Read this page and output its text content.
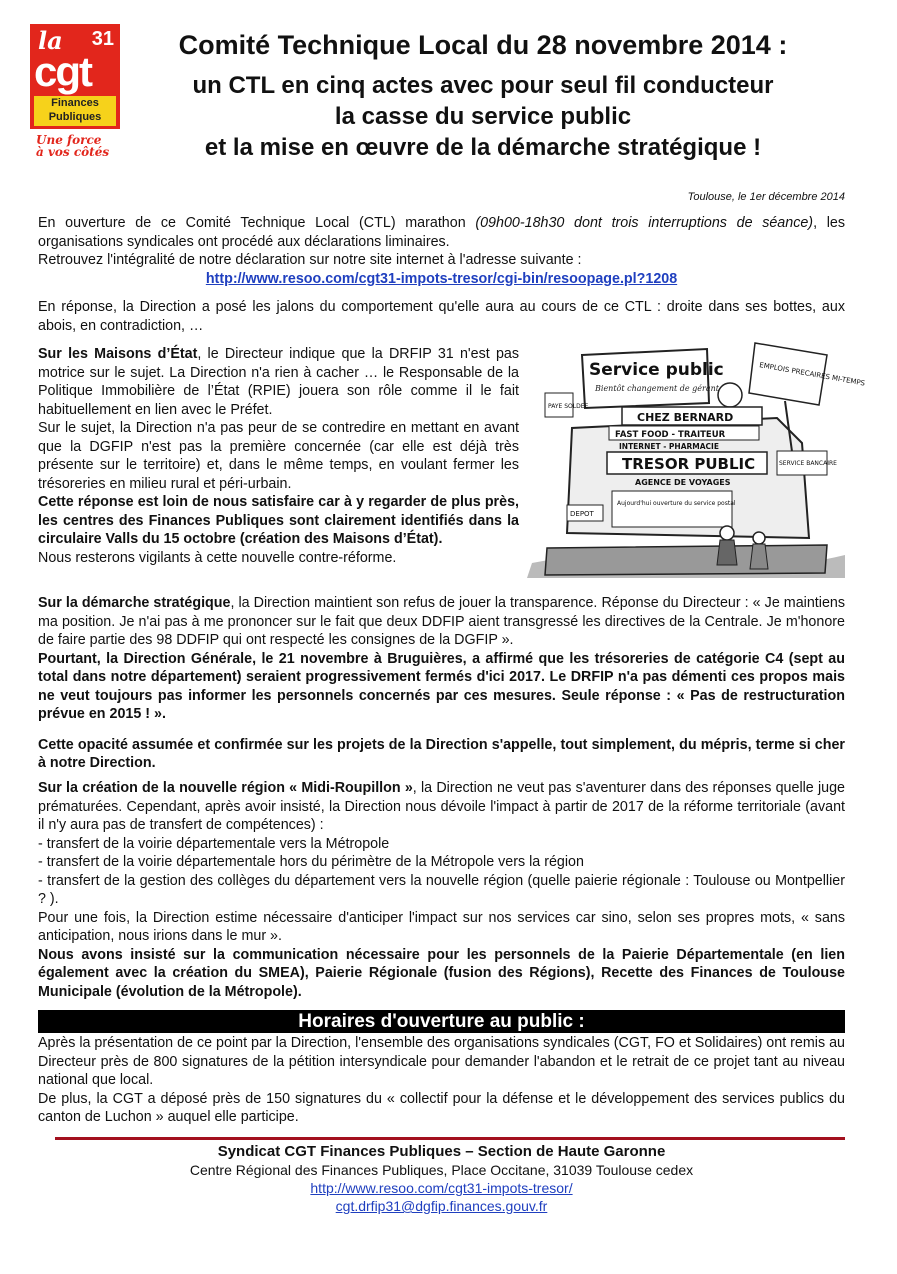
la 31
cgt
Finances
Publiques
Une force
à vos côtés
Comité Technique Local du 28 novembre 2014 :
un CTL en cinq actes avec pour seul fil conducteur
la casse du service public
et la mise en œuvre de la démarche stratégique !
Toulouse, le 1er décembre 2014

En ouverture de ce Comité Technique Local (CTL) marathon (09h00-18h30 dont trois interruptions de séance), les organisations syndicales ont procédé aux déclarations liminaires.

Retrouvez l'intégralité de notre déclaration sur notre site internet à l'adresse suivante :

http://www.resoo.com/cgt31-impots-tresor/cgi-bin/resoopage.pl?1208

En réponse, la Direction a posé les jalons du comportement qu'elle aura au cours de ce CTL : droite dans ses bottes, aux abois, en contradiction, …

Sur les Maisons d’État, le Directeur indique que la DRFIP 31 n'est pas motrice sur le sujet. La Direction n'a rien à cacher … le Responsable de la Politique Immobilière de l’État (RPIE) jouera son rôle comme il le fait habituellement en lien avec le Préfet.

Sur le sujet, la Direction n'a pas peur de se contredire en mettant en avant que la DGFIP n'est pas la première concernée (car elle est déjà très présente sur le territoire) et, dans le même temps, en voulant fermer les trésoreries en milieu rural et péri-urbain.

Cette réponse est loin de nous satisfaire car à y regarder de plus près, les centres des Finances Publiques sont clairement identifiés dans la circulaire Valls du 15 octobre (création des Maisons d’État).

Nous resterons vigilants à cette nouvelle contre-réforme.

Service public
Bientôt changement de gérant
EMPLOIS PRECAIRES MI-TEMPS
CHEZ BERNARD
FAST FOOD - TRAITEUR
INTERNET - PHARMACIE
TRESOR PUBLIC
AGENCE DE VOYAGES
Aujourd'hui ouverture du service postal
PAYE SOLDEE
DEPOT
SERVICE BANCAIRE

Sur la démarche stratégique, la Direction maintient son refus de jouer la transparence. Réponse du Directeur : « Je maintiens ma position. Je n'ai pas à me prononcer sur le fait que deux DDFIP aient transgressé les directives de la Centrale. Je m'honore de faire partie des 98 DDFIP qui ont respecté les consignes de la DGFIP ».

Pourtant, la Direction Générale, le 21 novembre à Bruguières, a affirmé que les trésoreries de catégorie C4 (sept au total dans notre département) seraient progressivement fermés d'ici 2017. Le DRFIP n'a pas démenti ces propos mais ne veut toujours pas informer les personnels concernés par ces mesures. Seule réponse : « Pas de restructuration prévue en 2015 ! ».

Cette opacité assumée et confirmée sur les projets de la Direction s'appelle, tout simplement, du mépris, terme si cher à notre Direction.

Sur la création de la nouvelle région « Midi-Roupillon », la Direction ne veut pas s'aventurer dans des réponses quelle juge prématurées. Cependant, après avoir insisté, la Direction nous dévoile l'impact à partir de 2017 de la réforme territoriale (avant il n'y aura pas de transfert de compétences) :

- transfert de la voirie départementale vers la Métropole

- transfert de la voirie départementale hors du périmètre de la Métropole vers la région

- transfert de la gestion des collèges du département vers la nouvelle région (quelle paierie régionale : Toulouse ou Montpellier ? ).

Pour une fois, la Direction estime nécessaire d'anticiper l'impact sur nos services car sino, selon ses propres mots, « sans anticipation, nous irions dans le mur ».

Nous avons insisté sur la communication nécessaire pour les personnels de la Paierie Départementale (en lien également avec la création du SMEA), Paierie Régionale (fusion des Régions), Recette des Finances de Toulouse Municipale (évolution de la Métropole).

Horaires d'ouverture au public :

Après la présentation de ce point par la Direction, l'ensemble des organisations syndicales (CGT, FO et Solidaires) ont remis au Directeur près de 800 signatures de la pétition intersyndicale pour demander l'abandon et le retrait de ce projet tant au niveau national que local.

De plus, la CGT a déposé près de 150 signatures du « collectif pour la défense et le développement des services publics du canton de Luchon » auquel elle participe.

Syndicat CGT Finances Publiques – Section de Haute Garonne
Centre Régional des Finances Publiques, Place Occitane, 31039 Toulouse cedex
http://www.resoo.com/cgt31-impots-tresor/
cgt.drfip31@dgfip.finances.gouv.fr
